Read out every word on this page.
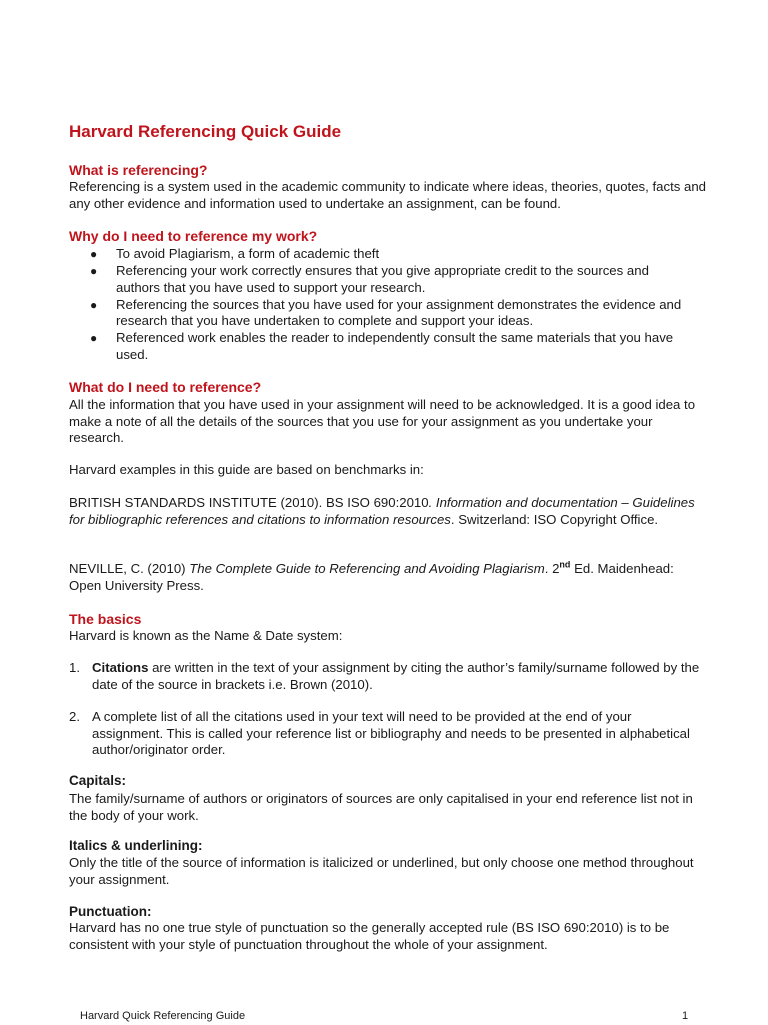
Harvard Referencing Quick Guide
What is referencing?
Referencing is a system used in the academic community to indicate where ideas, theories, quotes, facts and any other evidence and information used to undertake an assignment, can be found.
Why do I need to reference my work?
● To avoid Plagiarism, a form of academic theft
● Referencing your work correctly ensures that you give appropriate credit to the sources and authors that you have used to support your research.
● Referencing the sources that you have used for your assignment demonstrates the evidence and research that you have undertaken to complete and support your ideas.
● Referenced work enables the reader to independently consult the same materials that you have used.
What do I need to reference?
All the information that you have used in your assignment will need to be acknowledged. It is a good idea to make a note of all the details of the sources that you use for your assignment as you undertake your research.
Harvard examples in this guide are based on benchmarks in:
BRITISH STANDARDS INSTITUTE (2010). BS ISO 690:2010. Information and documentation – Guidelines for bibliographic references and citations to information resources. Switzerland: ISO Copyright Office.
NEVILLE, C. (2010) The Complete Guide to Referencing and Avoiding Plagiarism. 2nd Ed. Maidenhead: Open University Press.
The basics
Harvard is known as the Name & Date system:
1. Citations are written in the text of your assignment by citing the author’s family/surname followed by the date of the source in brackets i.e. Brown (2010).
2. A complete list of all the citations used in your text will need to be provided at the end of your assignment. This is called your reference list or bibliography and needs to be presented in alphabetical author/originator order.
Capitals:
The family/surname of authors or originators of sources are only capitalised in your end reference list not in the body of your work.
Italics & underlining:
Only the title of the source of information is italicized or underlined, but only choose one method throughout your assignment.
Punctuation:
Harvard has no one true style of punctuation so the generally accepted rule (BS ISO 690:2010) is to be consistent with your style of punctuation throughout the whole of your assignment.
Harvard Quick Referencing Guide	1
